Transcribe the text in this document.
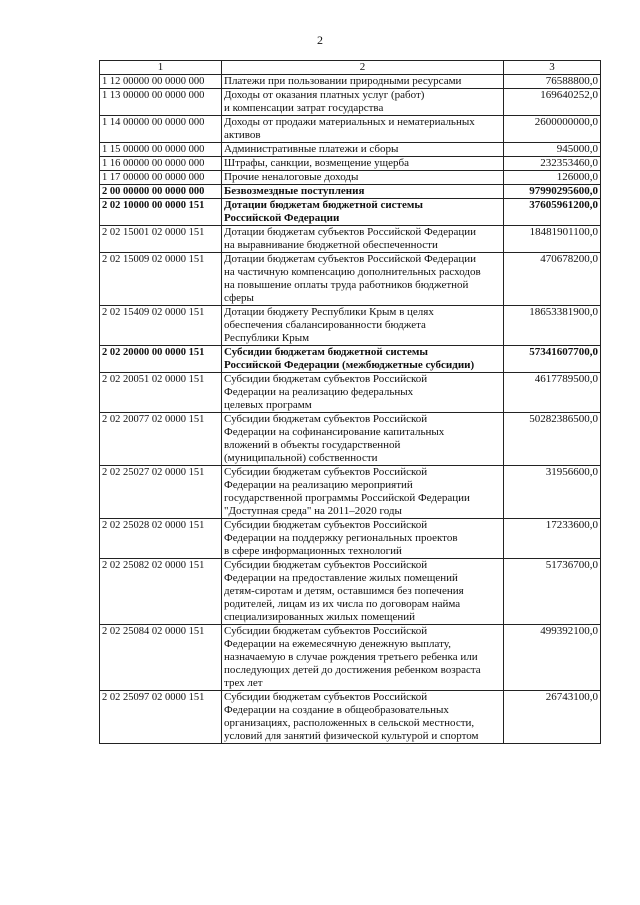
2
1	2	3
1 12 00000 00 0000 000	Платежи при пользовании природными ресурсами	76588800,0
1 13 00000 00 0000 000	Доходы от оказания платных услуг (работ)
и компенсации затрат государства	169640252,0
1 14 00000 00 0000 000	Доходы от продажи материальных и нематериальных
активов	2600000000,0
1 15 00000 00 0000 000	Административные платежи и сборы	945000,0
1 16 00000 00 0000 000	Штрафы, санкции, возмещение ущерба	232353460,0
1 17 00000 00 0000 000	Прочие неналоговые доходы	126000,0
2 00 00000 00 0000 000	Безвозмездные поступления	97990295600,0
2 02 10000 00 0000 151	Дотации бюджетам бюджетной системы
Российской Федерации	37605961200,0
2 02 15001 02 0000 151	Дотации бюджетам субъектов Российской Федерации
на выравнивание бюджетной обеспеченности	18481901100,0
2 02 15009 02 0000 151	Дотации бюджетам субъектов Российской Федерации
на частичную компенсацию дополнительных расходов
на повышение оплаты труда работников бюджетной
сферы	470678200,0
2 02 15409 02 0000 151	Дотации бюджету Республики Крым в целях
обеспечения сбалансированности бюджета
Республики Крым	18653381900,0
2 02 20000 00 0000 151	Субсидии бюджетам бюджетной системы
Российской Федерации (межбюджетные субсидии)	57341607700,0
2 02 20051 02 0000 151	Субсидии бюджетам субъектов Российской
Федерации на реализацию федеральных
целевых программ	4617789500,0
2 02 20077 02 0000 151	Субсидии бюджетам субъектов Российской
Федерации на софинансирование капитальных
вложений в объекты государственной
(муниципальной) собственности	50282386500,0
2 02 25027 02 0000 151	Субсидии бюджетам субъектов Российской
Федерации на реализацию мероприятий
государственной программы Российской Федерации
"Доступная среда" на 2011–2020 годы	31956600,0
2 02 25028 02 0000 151	Субсидии бюджетам субъектов Российской
Федерации на поддержку региональных проектов
в сфере информационных технологий	17233600,0
2 02 25082 02 0000 151	Субсидии бюджетам субъектов Российской
Федерации на предоставление жилых помещений
детям-сиротам и детям, оставшимся без попечения
родителей, лицам из их числа по договорам найма
специализированных жилых помещений	51736700,0
2 02 25084 02 0000 151	Субсидии бюджетам субъектов Российской
Федерации на ежемесячную денежную выплату,
назначаемую в случае рождения третьего ребенка или
последующих детей до достижения ребенком возраста
трех лет	499392100,0
2 02 25097 02 0000 151	Субсидии бюджетам субъектов Российской
Федерации на создание в общеобразовательных
организациях, расположенных в сельской местности,
условий для занятий физической культурой и спортом	26743100,0
